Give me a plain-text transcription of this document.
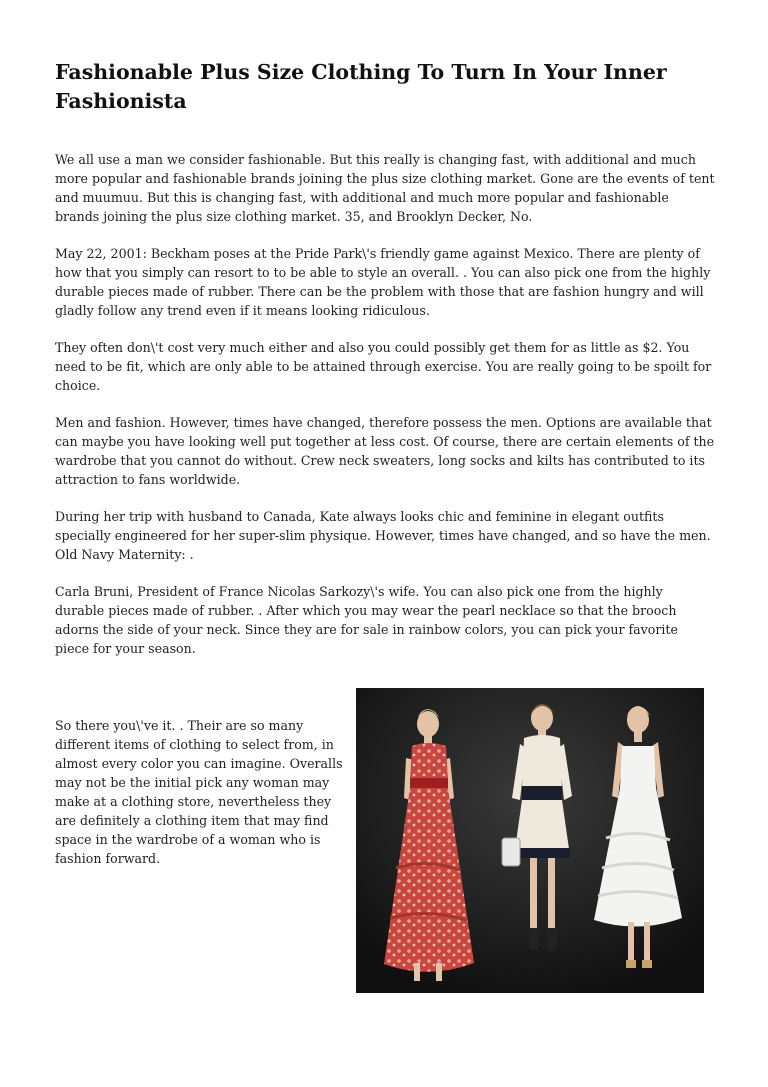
Fashionable Plus Size Clothing To Turn In Your Inner Fashionista

We all use a man we consider fashionable. But this really is changing fast, with additional and much more popular and fashionable brands joining the plus size clothing market. Gone are the events of tent and muumuu. But this is changing fast, with additional and much more popular and fashionable brands joining the plus size clothing market. 35, and Brooklyn Decker, No.

May 22, 2001: Beckham poses at the Pride Park\'s friendly game against Mexico. There are plenty of how that you simply can resort to to be able to style an overall. . You can also pick one from the highly durable pieces made of rubber. There can be the problem with those that are fashion hungry and will gladly follow any trend even if it means looking ridiculous.

They often don\'t cost very much either and also you could possibly get them for as little as $2. You need to be fit, which are only able to be attained through exercise. You are really going to be spoilt for choice.

Men and fashion. However, times have changed, therefore possess the men. Options are available that can maybe you have looking well put together at less cost. Of course, there are certain elements of the wardrobe that you cannot do without. Crew neck sweaters, long socks and kilts has contributed to its attraction to fans worldwide.

During her trip with husband to Canada, Kate always looks chic and feminine in elegant outfits specially engineered for her super-slim physique. However, times have changed, and so have the men. Old Navy Maternity: .

Carla Bruni, President of France Nicolas Sarkozy\'s wife. You can also pick one from the highly durable pieces made of rubber. . After which you may wear the pearl necklace so that the brooch adorns the side of your neck. Since they are for sale in rainbow colors, you can pick your favorite piece for your season.

So there you\'ve it. . Their are so many different items of clothing to select from, in almost every color you can imagine. Overalls may not be the initial pick any woman may make at a clothing store, nevertheless they are definitely a clothing item that may find space in the wardrobe of a woman who is fashion forward.
